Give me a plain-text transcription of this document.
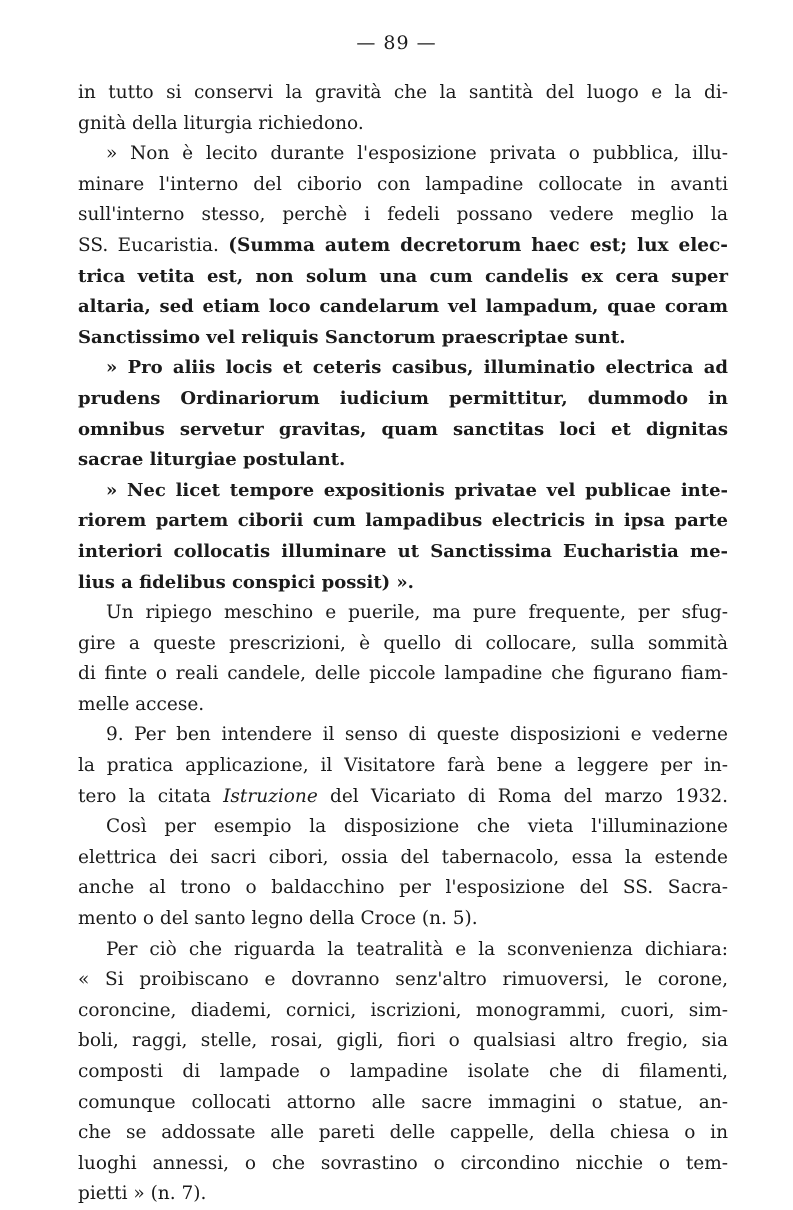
— 89 —
in tutto si conservi la gravità che la santità del luogo e la di-
gnità della liturgia richiedono.
» Non è lecito durante l'esposizione privata o pubblica, illu-
minare l'interno del ciborio con lampadine collocate in avanti
sull'interno stesso, perchè i fedeli possano vedere meglio la
SS. Eucaristia. (Summa autem decretorum haec est; lux elec-
trica vetita est, non solum una cum candelis ex cera super
altaria, sed etiam loco candelarum vel lampadum, quae coram
Sanctissimo vel reliquis Sanctorum praescriptae sunt.
» Pro aliis locis et ceteris casibus, illuminatio electrica ad
prudens Ordinariorum iudicium permittitur, dummodo in
omnibus servetur gravitas, quam sanctitas loci et dignitas
sacrae liturgiae postulant.
» Nec licet tempore expositionis privatae vel publicae inte-
riorem partem ciborii cum lampadibus electricis in ipsa parte
interiori collocatis illuminare ut Sanctissima Eucharistia me-
lius a fidelibus conspici possit) ».
Un ripiego meschino e puerile, ma pure frequente, per sfug-
gire a queste prescrizioni, è quello di collocare, sulla sommità
di finte o reali candele, delle piccole lampadine che figurano fiam-
melle accese.
9. Per ben intendere il senso di queste disposizioni e vederne
la pratica applicazione, il Visitatore farà bene a leggere per in-
tero la citata Istruzione del Vicariato di Roma del marzo 1932.
Così per esempio la disposizione che vieta l'illuminazione
elettrica dei sacri cibori, ossia del tabernacolo, essa la estende
anche al trono o baldacchino per l'esposizione del SS. Sacra-
mento o del santo legno della Croce (n. 5).
Per ciò che riguarda la teatralità e la sconvenienza dichiara:
« Si proibiscano e dovranno senz'altro rimuoversi, le corone,
coroncine, diademi, cornici, iscrizioni, monogrammi, cuori, sim-
boli, raggi, stelle, rosai, gigli, fiori o qualsiasi altro fregio, sia
composti di lampade o lampadine isolate che di filamenti,
comunque collocati attorno alle sacre immagini o statue, an-
che se addossate alle pareti delle cappelle, della chiesa o in
luoghi annessi, o che sovrastino o circondino nicchie o tem-
pietti » (n. 7).
